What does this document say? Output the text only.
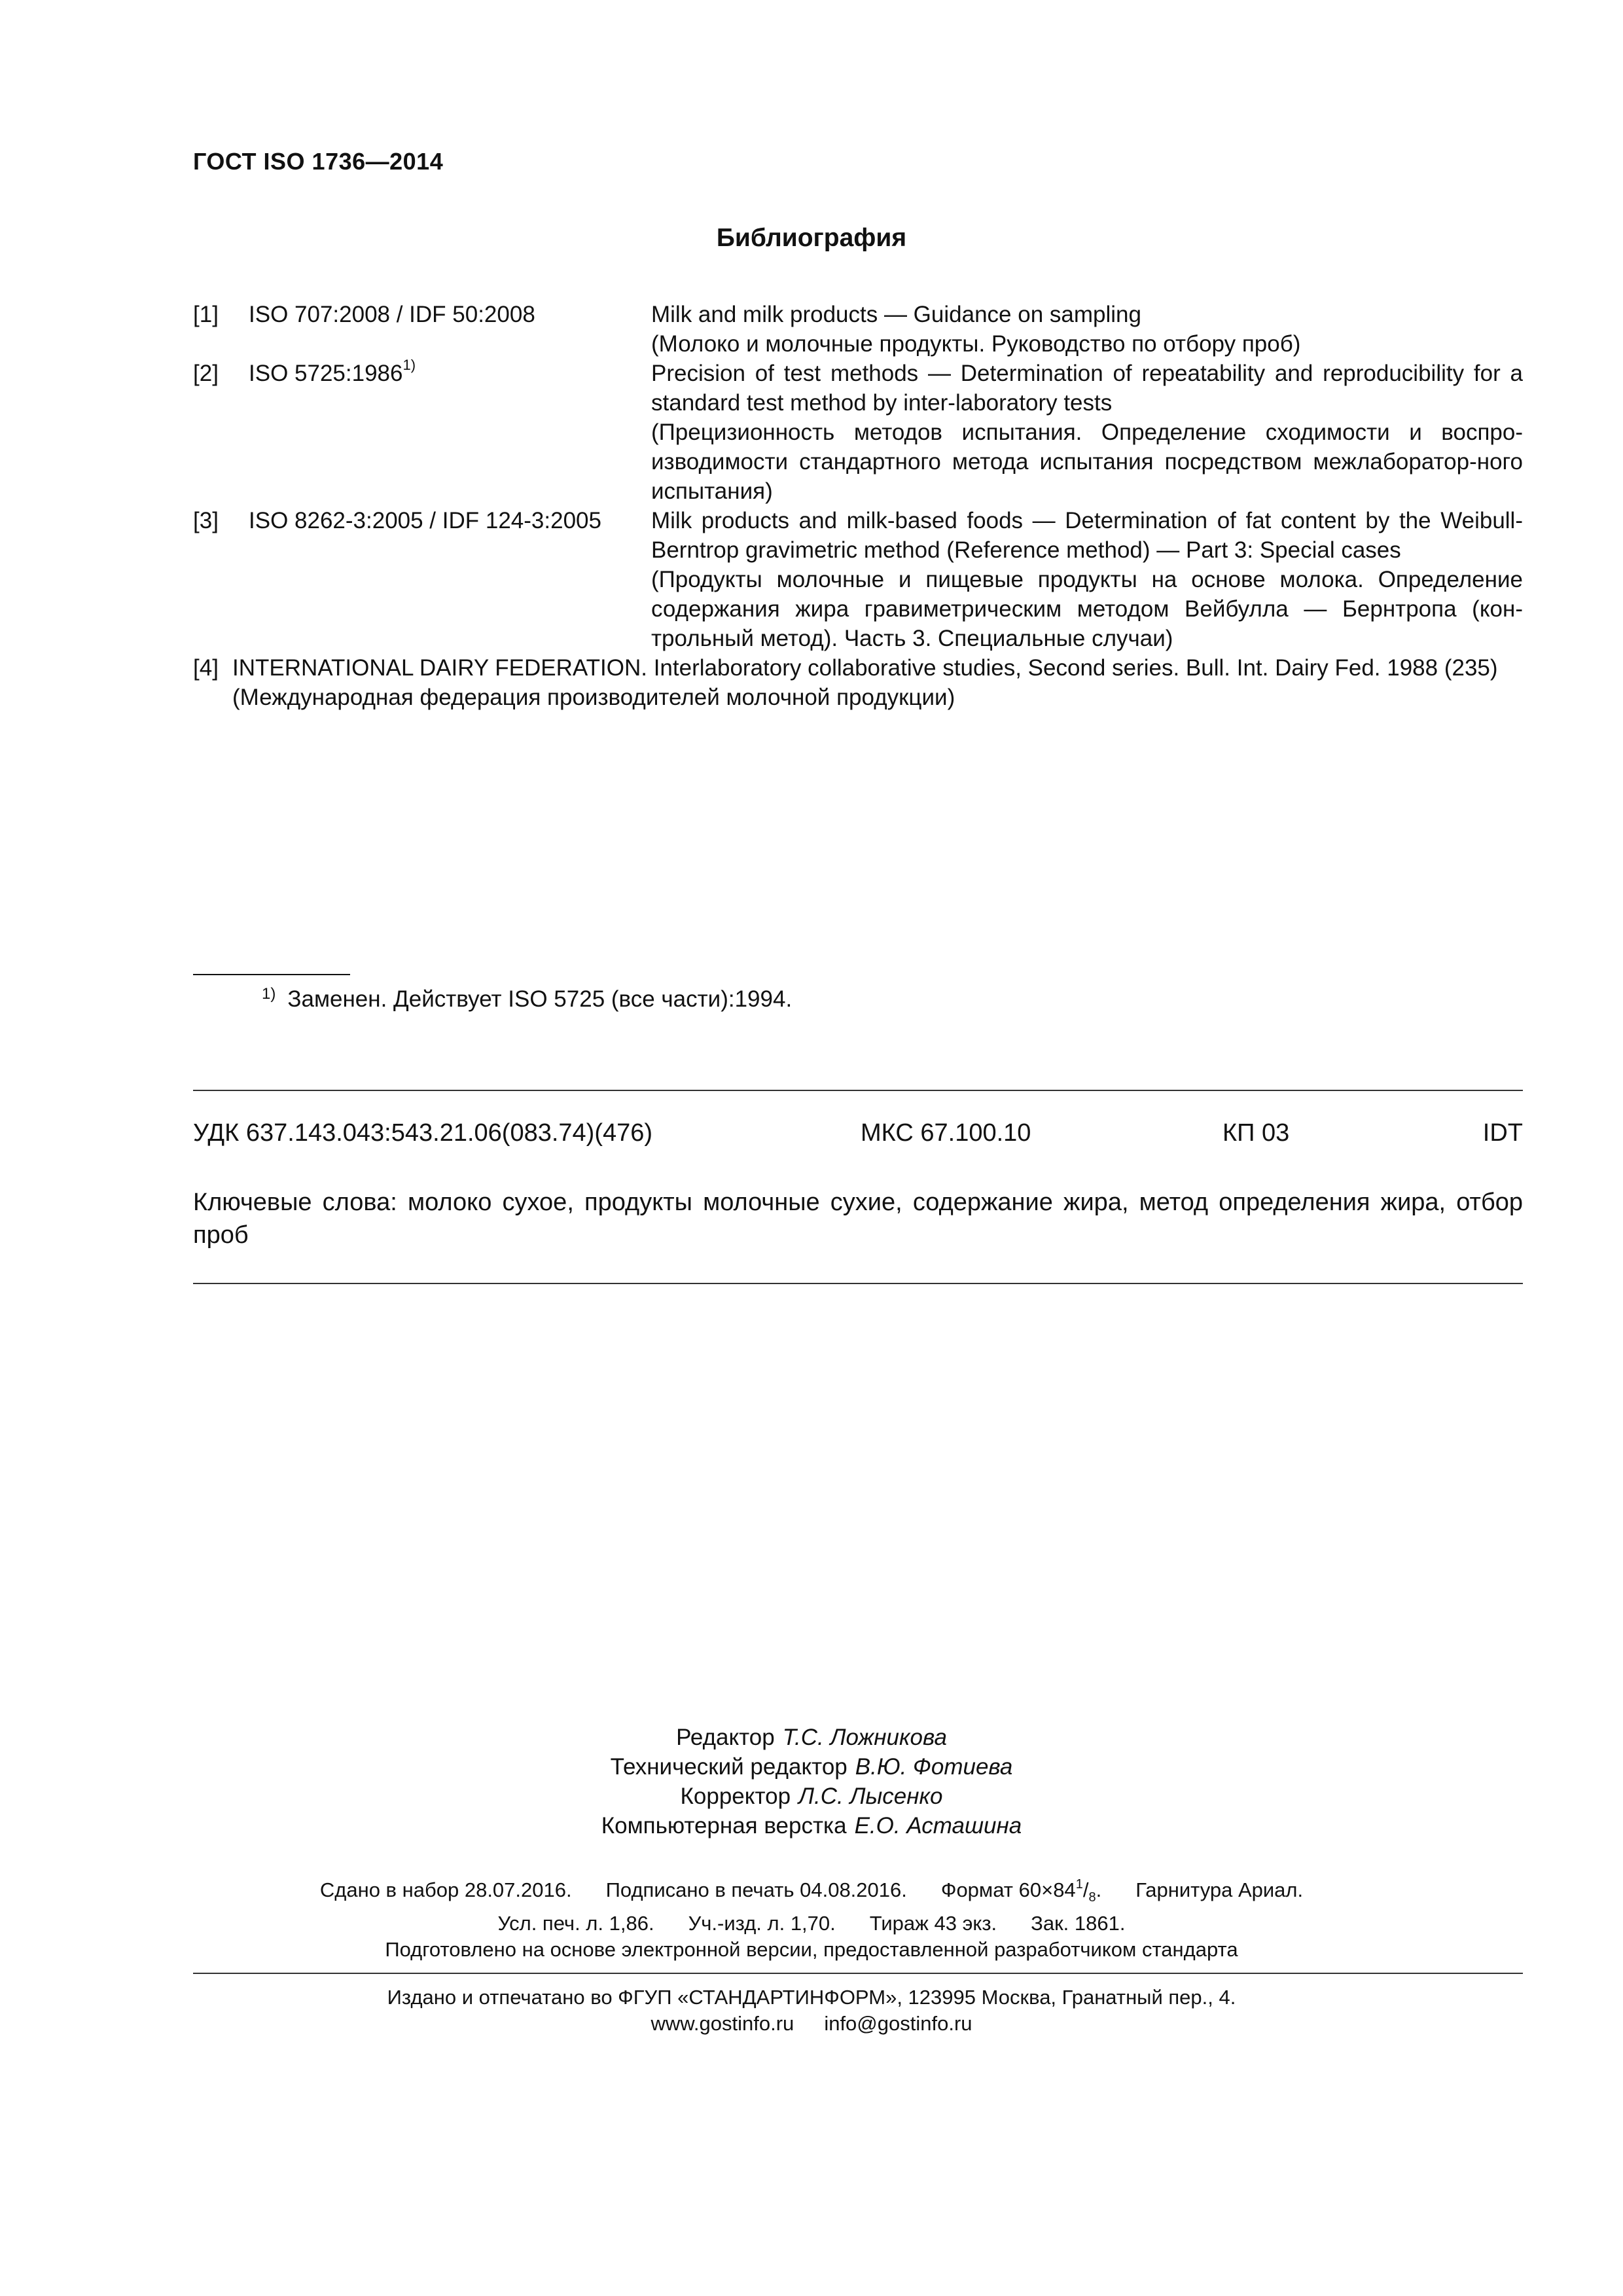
ГОСТ ISO 1736—2014
Библиография
[1] ISO 707:2008 / IDF 50:2008	Milk and milk products — Guidance on sampling
(Молоко и молочные продукты. Руководство по отбору проб)
[2] ISO 5725:1986$^{1)}$	Precision of test methods — Determination of repeatability and reproducibility for a standard test method by inter-laboratory tests
(Прецизионность методов испытания. Определение сходимости и воспро-изводимости стандартного метода испытания посредством межлаборатор-ного испытания)
[3] ISO 8262-3:2005 / IDF 124-3:2005 Milk products and milk-based foods — Determination of fat content by the Weibull-Berntrop gravimetric method (Reference method) — Part 3: Special cases
(Продукты молочные и пищевые продукты на основе молока. Определение содержания жира гравиметрическим методом Вейбулла — Бернтропа (кон-трольный метод). Часть 3. Специальные случаи)
[4] INTERNATIONAL DAIRY FEDERATION. Interlaboratory collaborative studies, Second series. Bull. Int. Dairy Fed. 1988 (235)

(Международная федерация производителей молочной продукции)

$^{1)}$ Заменен. Действует ISO 5725 (все части):1994.
УДК 637.143.043:543.21.06(083.74)(476)	МКС 67.100.10	КП 03	IDT
Ключевые слова: молоко сухое, продукты молочные сухие, содержание жира, метод определения жира, отбор проб
Редактор Т.С. Ложникова
Технический редактор В.Ю. Фотиева
Корректор Л.С. Лысенко
Компьютерная верстка Е.О. Асташина
Сдано в набор 28.07.2016. Подписано в печать 04.08.2016. Формат $60\times 84^1/_8$. Гарнитура Ариал.
Усл. печ. л. 1,86. Уч.-изд. л. 1,70. Тираж 43 экз. Зак. 1861.
Подготовлено на основе электронной версии, предоставленной разработчиком стандарта
Издано и отпечатано во ФГУП «СТАНДАРТИНФОРМ», 123995 Москва, Гранатный пер., 4.
www.gostinfo.ru info@gostinfo.ru
